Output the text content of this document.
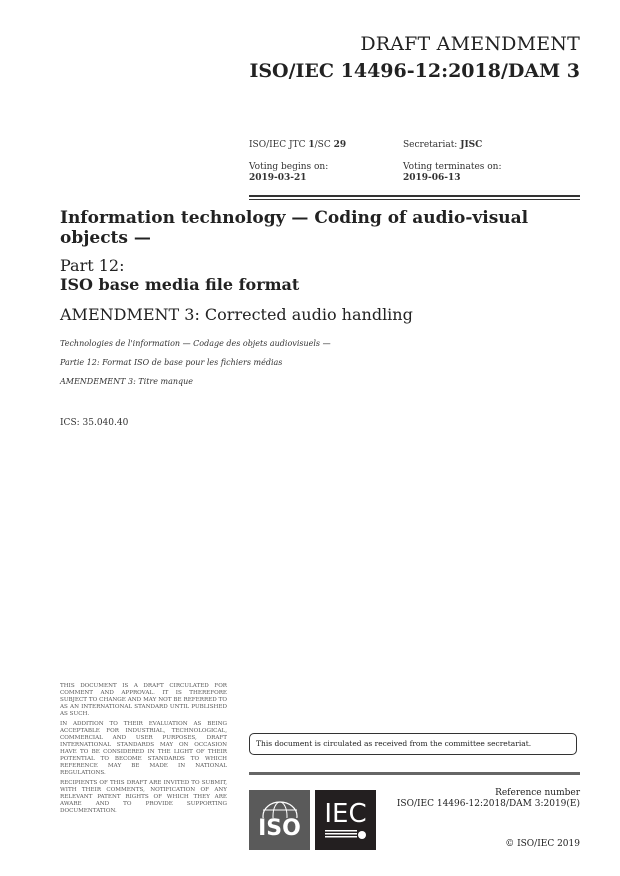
DRAFT AMENDMENT
ISO/IEC 14496-12:2018/DAM 3
ISO/IEC JTC 1/SC 29	Secretariat: JISC
Voting begins on:
2019-03-21
Voting terminates on:
2019-06-13
Information technology — Coding of audio-visual objects —
Part 12:
ISO base media file format
AMENDMENT 3: Corrected audio handling
Technologies de l'information — Codage des objets audiovisuels —
Partie 12: Format ISO de base pour les fichiers médias
AMENDEMENT 3: Titre manque
ICS: 35.040.40

THIS DOCUMENT IS A DRAFT CIRCULATED FOR COMMENT AND APPROVAL. IT IS THEREFORE SUBJECT TO CHANGE AND MAY NOT BE REFERRED TO AS AN INTERNATIONAL STANDARD UNTIL PUBLISHED AS SUCH.

IN ADDITION TO THEIR EVALUATION AS BEING ACCEPTABLE FOR INDUSTRIAL, TECHNOLOGICAL, COMMERCIAL AND USER PURPOSES, DRAFT INTERNATIONAL STANDARDS MAY ON OCCASION HAVE TO BE CONSIDERED IN THE LIGHT OF THEIR POTENTIAL TO BECOME STANDARDS TO WHICH REFERENCE MAY BE MADE IN NATIONAL REGULATIONS.

RECIPIENTS OF THIS DRAFT ARE INVITED TO SUBMIT, WITH THEIR COMMENTS, NOTIFICATION OF ANY RELEVANT PATENT RIGHTS OF WHICH THEY ARE AWARE AND TO PROVIDE SUPPORTING DOCUMENTATION.

This document is circulated as received from the committee secretariat.
ISO IEC
Reference number
ISO/IEC 14496-12:2018/DAM 3:2019(E)
© ISO/IEC 2019
